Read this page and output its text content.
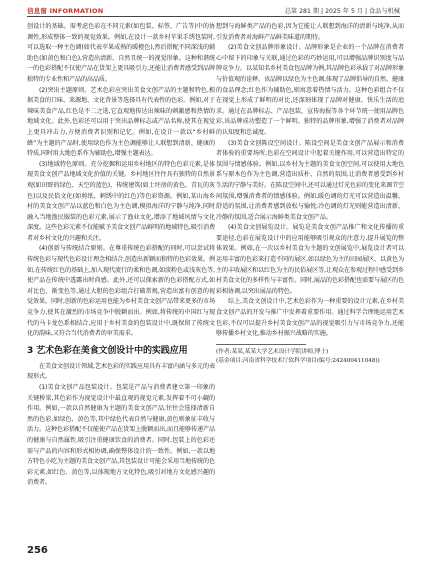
信息窗 INFORMATION	总第 281 期 | 2025 年 5 月 | 食品与机械

创设计的基础。需考虑色彩在不同元素(如包装、标签、广告等)中的协调性,形成整体一致的视觉效果。例如,在设计一款乡村苹果手绣包装时,可以选取一种主色调(如代表苹果成熟的暖橙色),然后搭配不同深浅的辅助色(如黄色和白色),营造出清新、自然且统一的视觉形象。这种和谐统一的色彩搭配不仅使产品在货架上更具吸引力,还能让消费者感受到品牌独特的专业性和产品的高品质。

(2)突出主题原则。艺术色彩应突出美食文创产品的主题和特色,根据美食的口味、来源地、文化背景等选择具有代表性的色彩。例如,对于辣味美食产品,红色是不二之选,它直观地传达出辣味的刺激感和热情的地域文化。此外,色彩还可以用于突出品牌标志或产品名称,使其在视觉上更具冲击力,方便消费者识别和记忆。例如,在设计一款以“乡村鲜蜂”为主题的产品时,使用绿色作为主色调能够让人联想到清新、健康的特质,同时用大地色系作为辅助色,增强主题表达。

(3)地域特色原则。充分挖掘和运用乡村地区的特色色彩元素,是体现美食文创产品地域文化价值的关键。乡村地区往往具有独特的自然景观(如田野的绿色、天空的蓝色)、传统建筑(如土坯房的黄色、青瓦的灰色)以及民俗文化(如剪纸、刺绣中的红色)等色彩资源。例如,某山海乡村的美食文创产品以蓝色和白色为主色调,模拟海洋的宁静与纯净,同时融入当地渔民服装的色彩元素,展示了渔业文化,增添了地域风情与文化深度。这些色彩元素不仅能赋予美食文创产品鲜明的地域特色,吸引消费者对乡村文化的兴趣和关注。

(4)创新与传统结合原则。在尊重传统色彩搭配的同时,可以尝试将传统色彩与现代色彩设计理念相结合,创造出新颖而独特的色彩效果。例如,在传统红色的基础上,加入现代流行的柔和色调,如淡粉色或浅灰色等,使产品在传统中透露出时尚感。此外,还可以探索新的色彩搭配方式,如对比色、渐变色等,通过大胆的色彩组合打破常规,营造出富有创意的视觉效果。同时,创新的色彩运用也能为乡村美食文创产品带来更多的市场竞争力,使其在激烈的市场竞争中脱颖而出。例如,将传统的中国红与现代的马卡龙色系相结合,应用于乡村美食的包装设计中,既保留了传统文化的韵味,又符合当代消费者的审美需求。

3 艺术色彩在美食文创设计中的实践应用

在美食文创设计领域,艺术色彩的实践应用具有丰富内涵与多元的表现形式。

(1)美食文创产品包装设计。包装是产品与消费者建立第一印象的关键桥梁,其色彩作为视觉设计中最直观的视觉元素,发挥着不可小觑的作用。例如,一款以自然健康为主题的美食文创产品,往往会选择清新自然的色彩,如绿色、黄色等,其中绿色代表自然与健康,黄色则象征丰收与活力。这种色彩搭配不仅能使产品在货架上脱颖而出,而且能够传递产品的健康与自然属性,吸引注重健康饮食的消费者。同时,包装上的色彩还需与产品的内容和形式相协调,确保整体设计的一致性。例如,一款以地方特色小吃为主题的美食文创产品,其包装设计可能会采用当地传统的色彩元素,如红色、黄色等,以体现地方文化特色,吸引对地方文化感兴趣的消费者。

想到与海鲜类产品的色彩,因为它能让人联想到海洋的清新与纯净,从而引发消费者对海鲜产品鲜美味道的期待。

(2)美食文创品牌形象设计。品牌形象是企业的一个品牌在消费者心中留下的印象与关联,通过色彩的巧妙运用,可以增强品牌识别度与品牌竞争力。以某知名乡村美食包品牌为例,其品牌色彩承载了对品牌形象与价值观的诠释。该品牌以绿色为主色调,体现了品牌倡导的自然、健康的食品理念;红色作为辅助色,则寓意着热情与活力。这种色彩组合不仅在视觉上形成了鲜明的对比,还深刻体现了品牌对健康、快乐生活的追求。通过在品牌标志、产品包装、宣传海报等各个环节统一使用品牌色彩,该品牌成功塑造了一个鲜明、独特的品牌形象,增强了消费者对品牌的认知度和忠诚度。

(3)美食文创陈设空间设计。陈设空间是美食文创产品展示和消费者体验的重要场所,色彩在空间设计中起着关键作用,可以营造出特定的氛围与情感体验。例如,以乡村为主题的美食文创空间,可以使用大地色系与原木色作为主色调,营造出质朴、自然的氛围,让消费者感受到乡村生活的宁静与美好。在陈设空间中,还可以通过灯光色彩的变化来调节空间氛围,增强消费者的情感体验。例如,暖色调的灯光可以营造出温馨、舒适的氛围,让消费者感到放松与愉悦;冷色调的灯光则能营造出清新、冷静的氛围,适合展示海鲜类美食文创产品。

(4)美食文创展览设计。展览是美食文创产品推广和文化传播的重要途径,色彩在展览设计中的应用能够吸引观众的注意力,提升展览的整体效果。例如,在一次以乡村美食为主题的文创展览中,展览设计者可以运用丰富的色彩来打造不同的展区,如以绿色为主的田园展区、以黄色为主的丰收展区和以红色为主的民俗展区等,让观众在参观过程中感受到乡村美食文化的多样性与丰富性。同时,展品的色彩搭配也需要与展区的色彩相协调,以突出展品的特色。

综上,美食文创设计中,艺术色彩作为一种重要的设计元素,在乡村美食文创产品的开发与推广中发挥着重要作用。通过科学合理地运用艺术色彩,不仅可以提升乡村美食文创产品的视觉吸引力与市场竞争力,还能够传播乡村文化,推动乡村振兴战略的实施。

(作者:某某,某某大学艺术设计学院讲师,博士)

(基金项目:河南省科学技术厅软科学项目(编号:242400411048))

256
